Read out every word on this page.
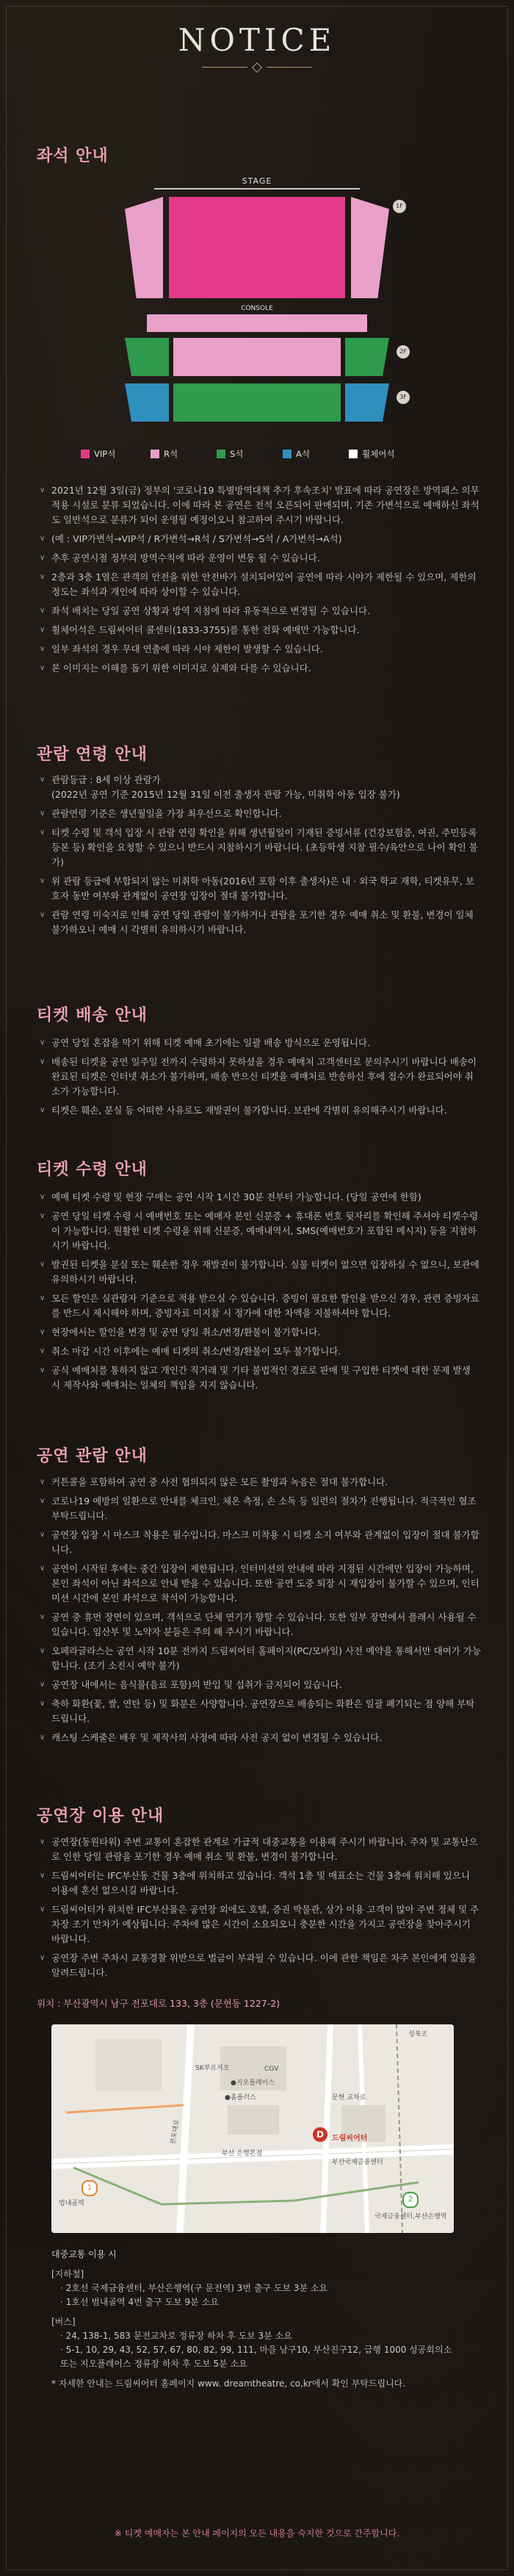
NOTICE
좌석 안내
STAGE
1F
CONSOLE
2F
3F
VIP석	R석	S석	A석	휠체어석
∨ 2021년 12월 3일(금) 정부의 '코로나19 특별방역대책 추가 후속조치' 발표에 따라 공연장은 방역패스 의무 적용 시설로 분류 되었습니다. 이에 따라 본 공연은 전석 오픈되어 판매되며, 기존 가변석으로 예매하신 좌석도 일반석으로 분류가 되어 운영될 예정이오니 참고하여 주시기 바랍니다.
∨ (예 : VIP가변석→VIP석 / R가변석→R석 / S가변석→S석 / A가변석→A석)
∨ 추후 공연시점 정부의 방역수칙에 따라 운영이 변동 될 수 있습니다.
∨ 2층과 3층 1열은 관객의 안전을 위한 안전바가 설치되어있어 공연에 따라 시야가 제한될 수 있으며, 제한의 정도는 좌석과 개인에 따라 상이할 수 있습니다.
∨ 좌석 배치는 당일 공연 상황과 방역 지침에 따라 유동적으로 변경될 수 있습니다.
∨ 휠체어석은 드림씨어터 콜센터(1833-3755)를 통한 전화 예매만 가능합니다.
∨ 일부 좌석의 경우 무대 연출에 따라 시야 제한이 발생할 수 있습니다.
∨ 본 이미지는 이해를 돕기 위한 이미지로 실제와 다를 수 있습니다.
관람 연령 안내
∨ 관람등급 : 8세 이상 관람가
(2022년 공연 기준 2015년 12월 31일 이전 출생자 관람 가능, 미취학 아동 입장 불가)
∨ 관람연령 기준은 생년월일을 가장 최우선으로 확인합니다.
∨ 티켓 수령 및 객석 입장 시 관람 연령 확인을 위해 생년월일이 기재된 증빙서류 (건강보험증, 여권, 주민등록등본 등) 확인을 요청할 수 있으니 반드시 지참하시기 바랍니다. (초등학생 지참 필수/육안으로 나이 확인 불가)
∨ 위 관람 등급에 부합되지 않는 미취학 아동(2016년 포함 이후 출생자)은 내 · 외국 학교 재학, 티켓유무, 보호자 동반 여부와 관계없이 공연장 입장이 절대 불가합니다.
∨ 관람 연령 미숙지로 인해 공연 당일 관람이 불가하거나 관람을 포기한 경우 예매 취소 및 환불, 변경이 일체 불가하오니 예매 시 각별히 유의하시기 바랍니다.
티켓 배송 안내
∨ 공연 당일 혼잡을 막기 위해 티켓 예매 초기에는 일괄 배송 방식으로 운영됩니다.
∨ 배송된 티켓을 공연 일주일 전까지 수령하지 못하셨을 경우 예매처 고객센터로 문의주시기 바랍니다 배송이 완료된 티켓은 인터넷 취소가 불가하며, 배송 반으신 티켓을 예매처로 반송하신 후에 접수가 완료되어야 취소가 가능합니다.
∨ 티켓은 훼손, 분실 등 어떠한 사유로도 재발권이 불가합니다. 보관에 각별히 유의해주시기 바랍니다.
티켓 수령 안내
∨ 예매 티켓 수령 및 현장 구매는 공연 시작 1시간 30분 전부터 가능합니다. (당일 공연에 한함)
∨ 공연 당일 티켓 수령 시 예매번호 또는 예매자 본인 신분증 + 휴대폰 번호 뒷자리를 확인해 주셔야 티켓수령이 가능합니다. 원활한 티켓 수령을 위해 신분증, 예매내역서, SMS(예매번호가 포함된 메시지) 등을 지참하시기 바랍니다.
∨ 발권된 티켓을 분실 또는 훼손한 경우 재발권이 불가합니다. 실물 티켓이 없으면 입장하실 수 없으니, 보관에 유의하시기 바랍니다.
∨ 모든 할인은 실관람자 기준으로 적용 받으실 수 있습니다. 증빙이 필요한 할인을 받으신 경우, 관련 증빙자료를 반드시 제시해야 하며, 증빙자료 미지참 시 정가에 대한 차액을 지불하셔야 합니다.
∨ 현장에서는 할인을 변경 및 공연 당일 취소/변경/환불이 불가합니다.
∨ 취소 마감 시간 이후에는 예매 티켓의 취소/변경/환불이 모두 불가합니다.
∨ 공식 예매처를 통하지 않고 개인간 직거래 및 기타 불법적인 경로로 판매 및 구입한 티켓에 대한 문제 발생 시 제작사와 예매처는 일체의 책임을 지지 않습니다.
공연 관람 안내
∨ 커튼콜을 포함하여 공연 중 사전 협의되지 않은 모든 촬영과 녹음은 절대 불가합니다.
∨ 코로나19 예방의 일환으로 안내를 체크인, 체온 측정, 손 소독 등 일련의 절차가 진행됩니다. 적극적인 협조 부탁드립니다.
∨ 공연장 입장 시 마스크 착용은 필수입니다. 마스크 미착용 시 티켓 소지 여부와 관계없이 입장이 절대 불가합니다.
∨ 공연이 시작된 후에는 중간 입장이 제한됩니다. 인터미션의 안내에 따라 지정된 시간에만 입장이 가능하며, 본인 좌석이 아닌 좌석으로 안내 받을 수 있습니다. 또한 공연 도중 퇴장 시 재입장이 불가할 수 있으며, 인터미션 시간에 본인 좌석으로 착석이 가능합니다.
∨ 공연 중 휴먼 장면이 있으며, 객석으로 단체 연기가 향할 수 있습니다. 또한 일부 장면에서 플래시 사용될 수 있습니다. 임산부 및 노약자 분들은 주의 해 주시기 바랍니다.
∨ 오페라글라스는 공연 시작 10분 전까지 드림씨어터 홈페이지(PC/모바일) 사전 예약을 통해서만 대여가 가능합니다. (조기 소진시 예약 불가)
∨ 공연장 내에서는 음식물(음료 포함)의 반입 및 섭취가 금지되어 있습니다.
∨ 축하 화환(꽃, 쌀, 연탄 등) 및 화분은 사양합니다. 공연장으로 배송되는 화환은 일괄 폐기되는 점 양해 부탁드립니다.
∨ 캐스팅 스케줄은 배우 및 제작사의 사정에 따라 사전 공지 없이 변경될 수 있습니다.
공연장 이용 안내
∨ 공연장(동원타워) 주변 교통이 혼잡한 관계로 가급적 대중교통을 이용해 주시기 바랍니다. 주차 및 교통난으로 인한 당일 관람을 포기한 경우 예매 취소 및 환불, 변경이 불가합니다.
∨ 드림씨어터는 IFC부산동 건물 3층에 위치하고 있습니다. 객석 1층 및 매표소는 건물 3층에 위치해 있으니 이용에 혼선 없으시길 바랍니다.
∨ 드림씨어터가 위치한 IFC부산몰은 공연장 외에도 호텔, 증권 박물관, 상가 이용 고객이 많아 주변 정체 및 주차장 조기 만차가 예상됩니다. 주차에 많은 시간이 소요되오니 충분한 시간을 가지고 공연장을 찾아주시기 바랍니다.
∨ 공연장 주변 주차시 교통경찰 위반으로 벌금이 부과될 수 있습니다. 이에 관한 책임은 차주 본인에게 있음을 알려드립니다.
위치 : 부산광역시 남구 전포대로 133, 3층 (문현동 1227-2)
SK푸르지오	CGV
성북조
●지오플레이스
●홈플러스	문현 교차로
전포대로
부산 은행본점
D	드림씨어터
부산국제금융센터
1
범내골역	2
국제금융센터,부산은행역
대중교통 이용 시
[지하철]
· 2호선 국제금융센터, 부산은행역(구 문전역) 3번 출구 도보 3분 소요
· 1호선 범내골역 4번 출구 도보 9분 소요
[버스]
· 24, 138-1, 583 문전교차로 정류장 하차 후 도보 3분 소요
· 5-1, 10, 29, 43, 52, 57, 67, 80, 82, 99, 111, 마을 남구10, 부산진구12, 급행 1000 성공회의소 또는 지오플레이스 정류장 하차 후 도보 5분 소요
* 자세한 안내는 드림씨어터 홈페이지 www. dreamtheatre, co,kr에서 확인 부탁드립니다.
※ 티켓 예매자는 본 안내 페이지의 모든 내용을 숙지한 것으로 간주합니다.
